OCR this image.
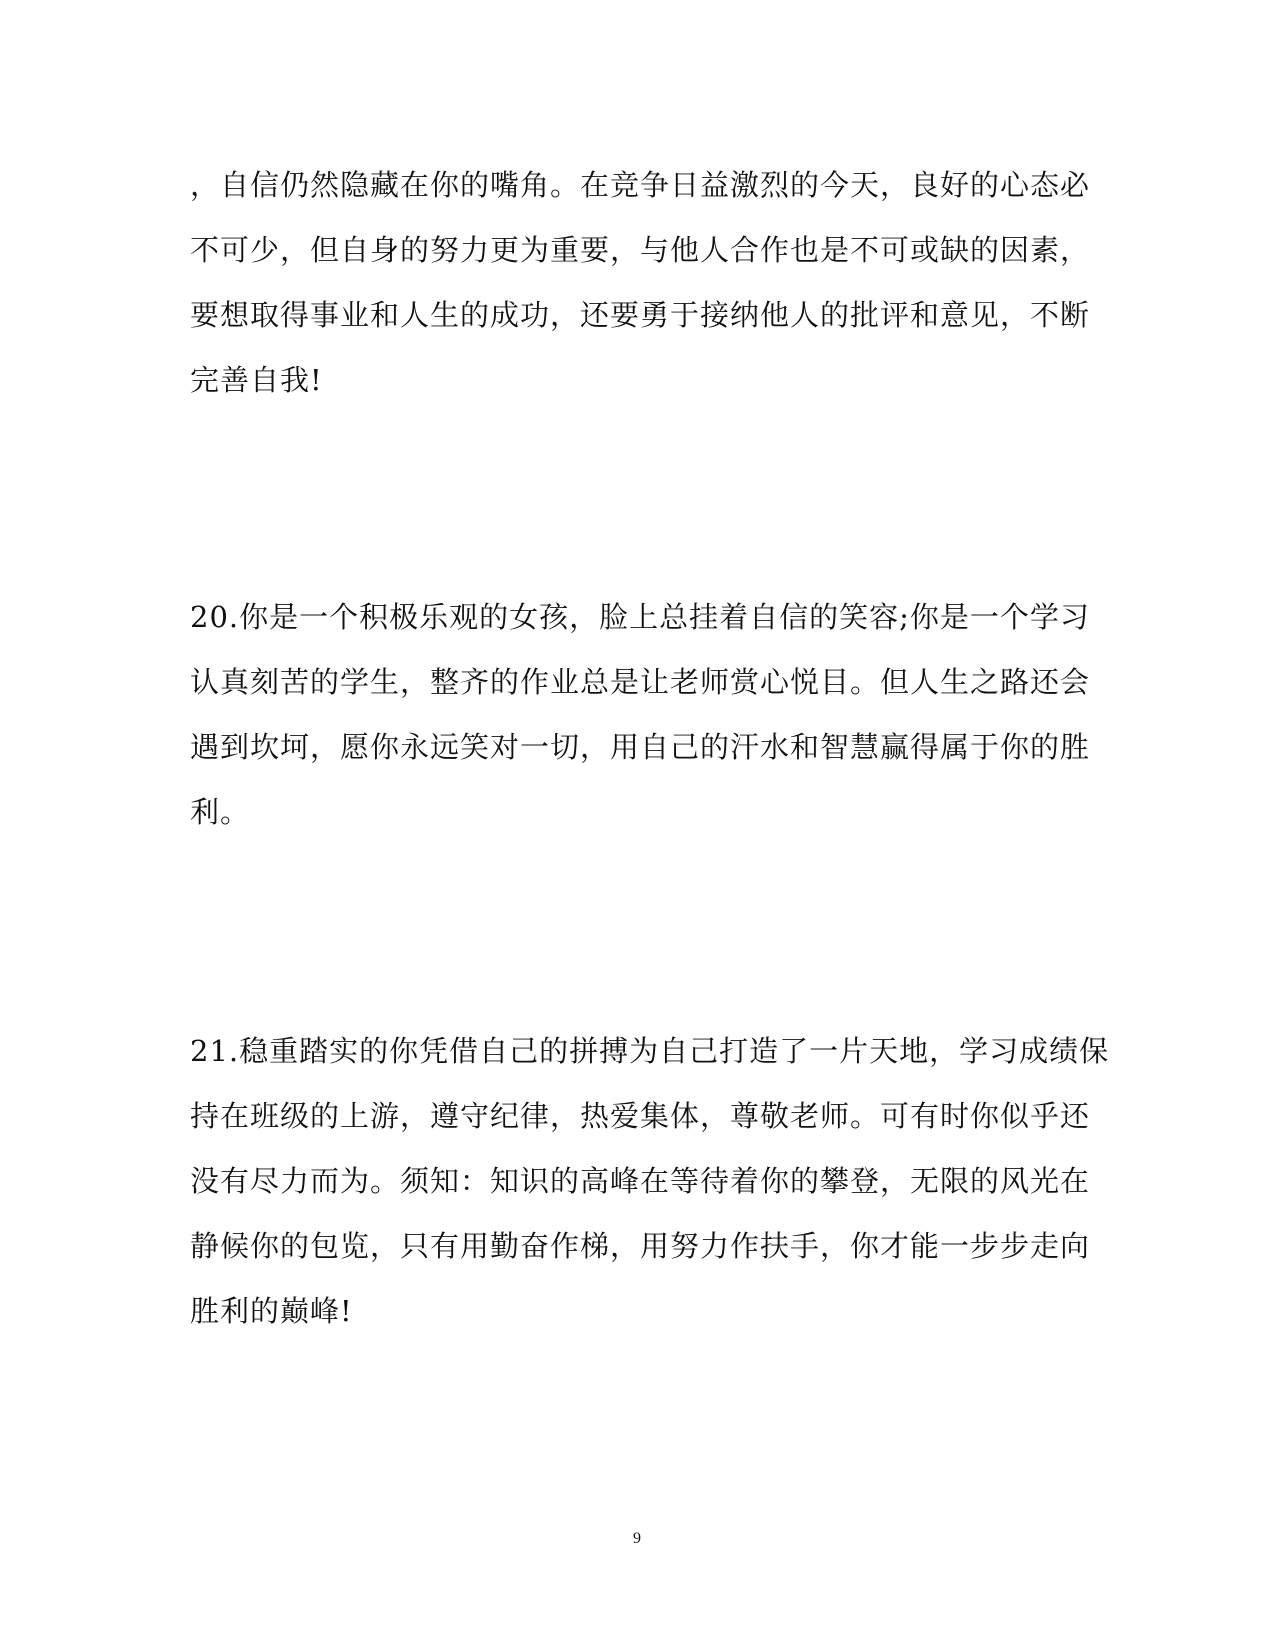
，自信仍然隐藏在你的嘴角。在竞争日益激烈的今天，良好的心态必
不可少，但自身的努力更为重要，与他人合作也是不可或缺的因素，
要想取得事业和人生的成功，还要勇于接纳他人的批评和意见，不断
完善自我!
20.你是一个积极乐观的女孩，脸上总挂着自信的笑容;你是一个学习
认真刻苦的学生，整齐的作业总是让老师赏心悦目。但人生之路还会
遇到坎坷，愿你永远笑对一切，用自己的汗水和智慧赢得属于你的胜
利。
21.稳重踏实的你凭借自己的拼搏为自己打造了一片天地，学习成绩保
持在班级的上游，遵守纪律，热爱集体，尊敬老师。可有时你似乎还
没有尽力而为。须知：知识的高峰在等待着你的攀登，无限的风光在
静候你的包览，只有用勤奋作梯，用努力作扶手，你才能一步步走向
胜利的巅峰!
9
